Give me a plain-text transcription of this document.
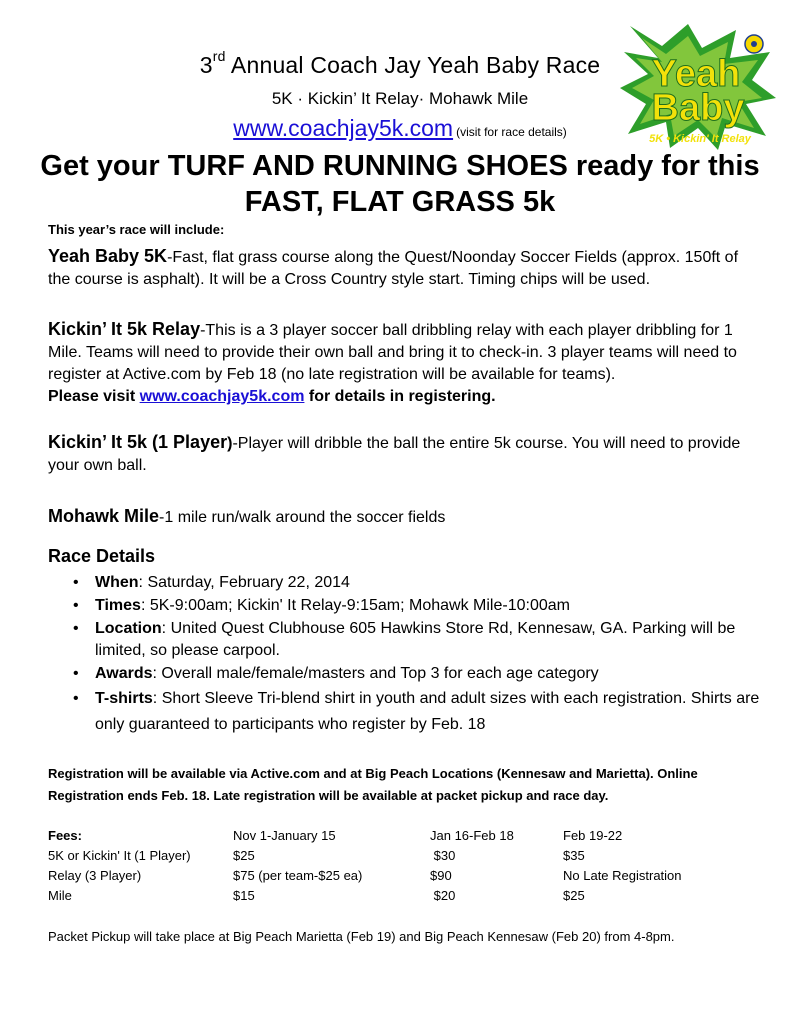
3rd Annual Coach Jay Yeah Baby Race
5K · Kickin’ It Relay· Mohawk Mile
www.coachjay5k.com (visit for race details)
Yeah
Baby
5K • Kickin' It Relay
Get your TURF AND RUNNING SHOES ready for this
FAST, FLAT GRASS 5k
This year’s race will include:
Yeah Baby 5K-Fast, flat grass course along the Quest/Noonday Soccer Fields (approx. 150ft of the course is asphalt). It will be a Cross Country style start. Timing chips will be used.
Kickin’ It 5k Relay-This is a 3 player soccer ball dribbling relay with each player dribbling for 1 Mile. Teams will need to provide their own ball and bring it to check-in. 3 player teams will need to register at Active.com by Feb 18 (no late registration will be available for teams).
Please visit www.coachjay5k.com for details in registering.
Kickin’ It 5k (1 Player)-Player will dribble the ball the entire 5k course. You will need to provide your own ball.
Mohawk Mile-1 mile run/walk around the soccer fields
Race Details
• When: Saturday, February 22, 2014
• Times: 5K-9:00am; Kickin' It Relay-9:15am; Mohawk Mile-10:00am
• Location: United Quest Clubhouse 605 Hawkins Store Rd, Kennesaw, GA. Parking will be limited, so please carpool.
• Awards: Overall male/female/masters and Top 3 for each age category
• T-shirts: Short Sleeve Tri-blend shirt in youth and adult sizes with each registration. Shirts are only guaranteed to participants who register by Feb. 18
Registration will be available via Active.com and at Big Peach Locations (Kennesaw and Marietta). Online Registration ends Feb. 18. Late registration will be available at packet pickup and race day.
Fees:	Nov 1-January 15	Jan 16-Feb 18	Feb 19-22
5K or Kickin' It (1 Player)	$25	$30	$35
Relay (3 Player)	$75 (per team-$25 ea)	$90	No Late Registration
Mile	$15	$20	$25
Packet Pickup will take place at Big Peach Marietta (Feb 19) and Big Peach Kennesaw (Feb 20) from 4-8pm.
